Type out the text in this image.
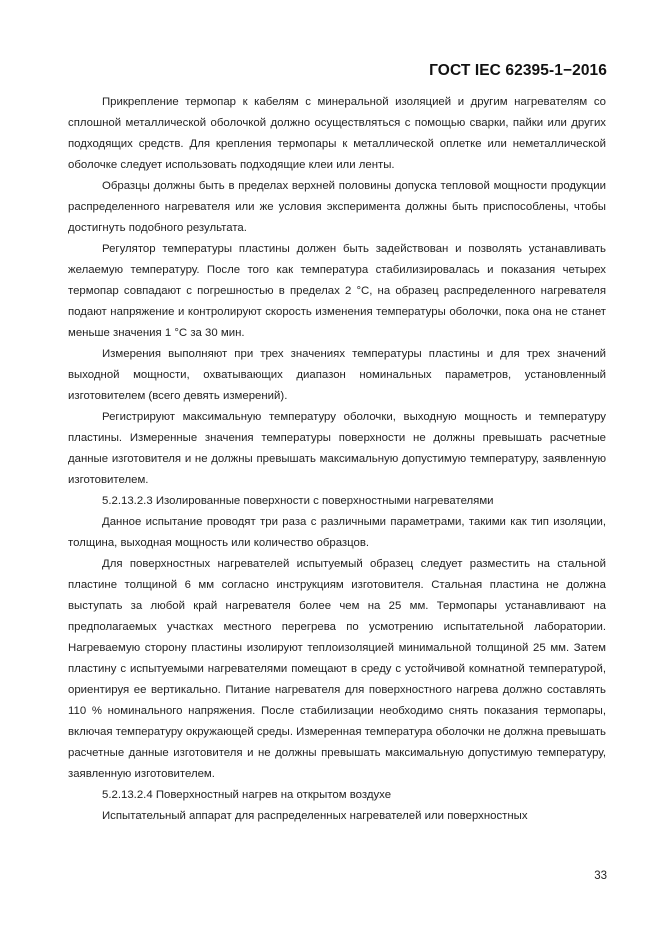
ГОСТ IEC 62395-1−2016

Прикрепление термопар к кабелям с минеральной изоляцией и другим нагревателям со сплошной металлической оболочкой должно осуществляться с помощью сварки, пайки или других подходящих средств. Для крепления термопары к металлической оплетке или неметаллической оболочке следует использовать подходящие клеи или ленты.

Образцы должны быть в пределах верхней половины допуска тепловой мощности продукции распределенного нагревателя или же условия эксперимента должны быть приспособлены, чтобы достигнуть подобного результата.

Регулятор температуры пластины должен быть задействован и позволять устанавливать желаемую температуру. После того как температура стабилизировалась и показания четырех термопар совпадают с погрешностью в пределах 2 °C, на образец распределенного нагревателя подают напряжение и контролируют скорость изменения температуры оболочки, пока она не станет меньше значения 1 °C за 30 мин.

Измерения выполняют при трех значениях температуры пластины и для трех значений выходной мощности, охватывающих диапазон номинальных параметров, установленный изготовителем (всего девять измерений).

Регистрируют максимальную температуру оболочки, выходную мощность и температуру пластины. Измеренные значения температуры поверхности не должны превышать расчетные данные изготовителя и не должны превышать максимальную допустимую температуру, заявленную изготовителем.

5.2.13.2.3 Изолированные поверхности с поверхностными нагревателями

Данное испытание проводят три раза с различными параметрами, такими как тип изоляции, толщина, выходная мощность или количество образцов.

Для поверхностных нагревателей испытуемый образец следует разместить на стальной пластине толщиной 6 мм согласно инструкциям изготовителя. Стальная пластина не должна выступать за любой край нагревателя более чем на 25 мм. Термопары устанавливают на предполагаемых участках местного перегрева по усмотрению испытательной лаборатории. Нагреваемую сторону пластины изолируют теплоизоляцией минимальной толщиной 25 мм. Затем пластину с испытуемыми нагревателями помещают в среду с устойчивой комнатной температурой, ориентируя ее вертикально. Питание нагревателя для поверхностного нагрева должно составлять 110 % номинального напряжения. После стабилизации необходимо снять показания термопары, включая температуру окружающей среды. Измеренная температура оболочки не должна превышать расчетные данные изготовителя и не должны превышать максимальную допустимую температуру, заявленную изготовителем.

5.2.13.2.4 Поверхностный нагрев на открытом воздухе

Испытательный аппарат для распределенных нагревателей или поверхностных

33
